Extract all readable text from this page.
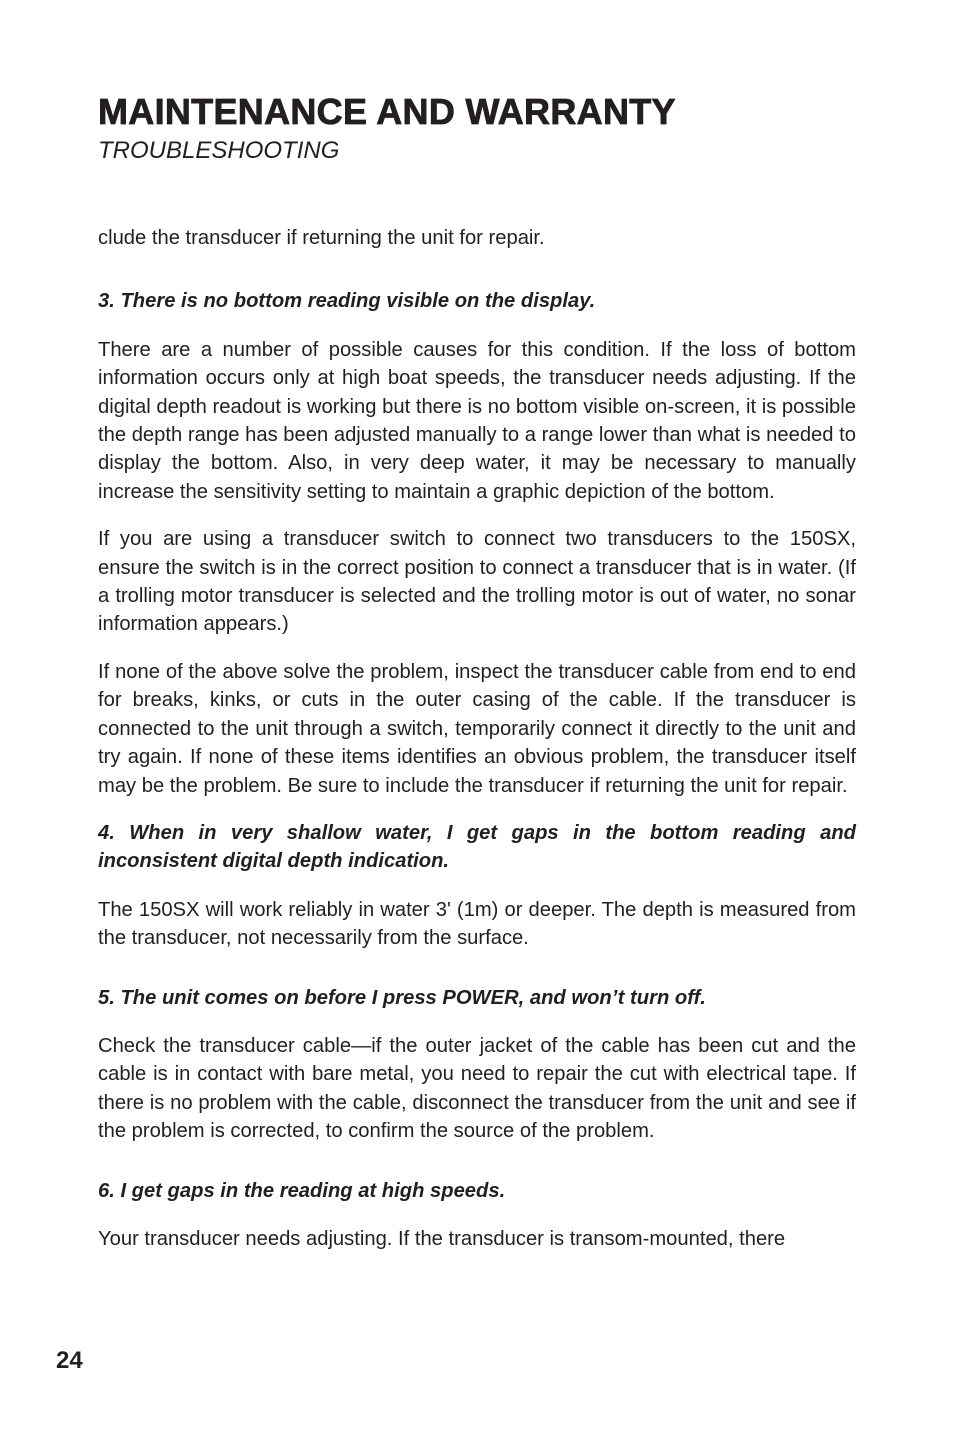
MAINTENANCE AND WARRANTY
TROUBLESHOOTING

clude the transducer if returning the unit for repair.

3. There is no bottom reading visible on the display.

There are a number of possible causes for this condition. If the loss of bottom information occurs only at high boat speeds, the transducer needs adjusting. If the digital depth readout is working but there is no bottom visible on-screen, it is possible the depth range has been adjusted manually to a range lower than what is needed to display the bottom. Also, in very deep water, it may be necessary to manually increase the sensitivity setting to maintain a graphic depiction of the bottom.

If you are using a transducer switch to connect two transducers to the 150SX, ensure the switch is in the correct position to connect a transducer that is in water. (If a trolling motor transducer is selected and the trolling motor is out of water, no sonar information appears.)

If none of the above solve the problem, inspect the transducer cable from end to end for breaks, kinks, or cuts in the outer casing of the cable. If the transducer is connected to the unit through a switch, temporarily connect it directly to the unit and try again. If none of these items identifies an obvious problem, the transducer itself may be the problem. Be sure to include the transducer if returning the unit for repair.

4. When in very shallow water, I get gaps in the bottom reading and inconsistent digital depth indication.

The 150SX will work reliably in water 3' (1m) or deeper. The depth is measured from the transducer, not necessarily from the surface.

5. The unit comes on before I press POWER, and won’t turn off.

Check the transducer cable—if the outer jacket of the cable has been cut and the cable is in contact with bare metal, you need to repair the cut with electrical tape. If there is no problem with the cable, disconnect the transducer from the unit and see if the problem is corrected, to confirm the source of the problem.

6. I get gaps in the reading at high speeds.

Your transducer needs adjusting. If the transducer is transom-mounted, there

24
